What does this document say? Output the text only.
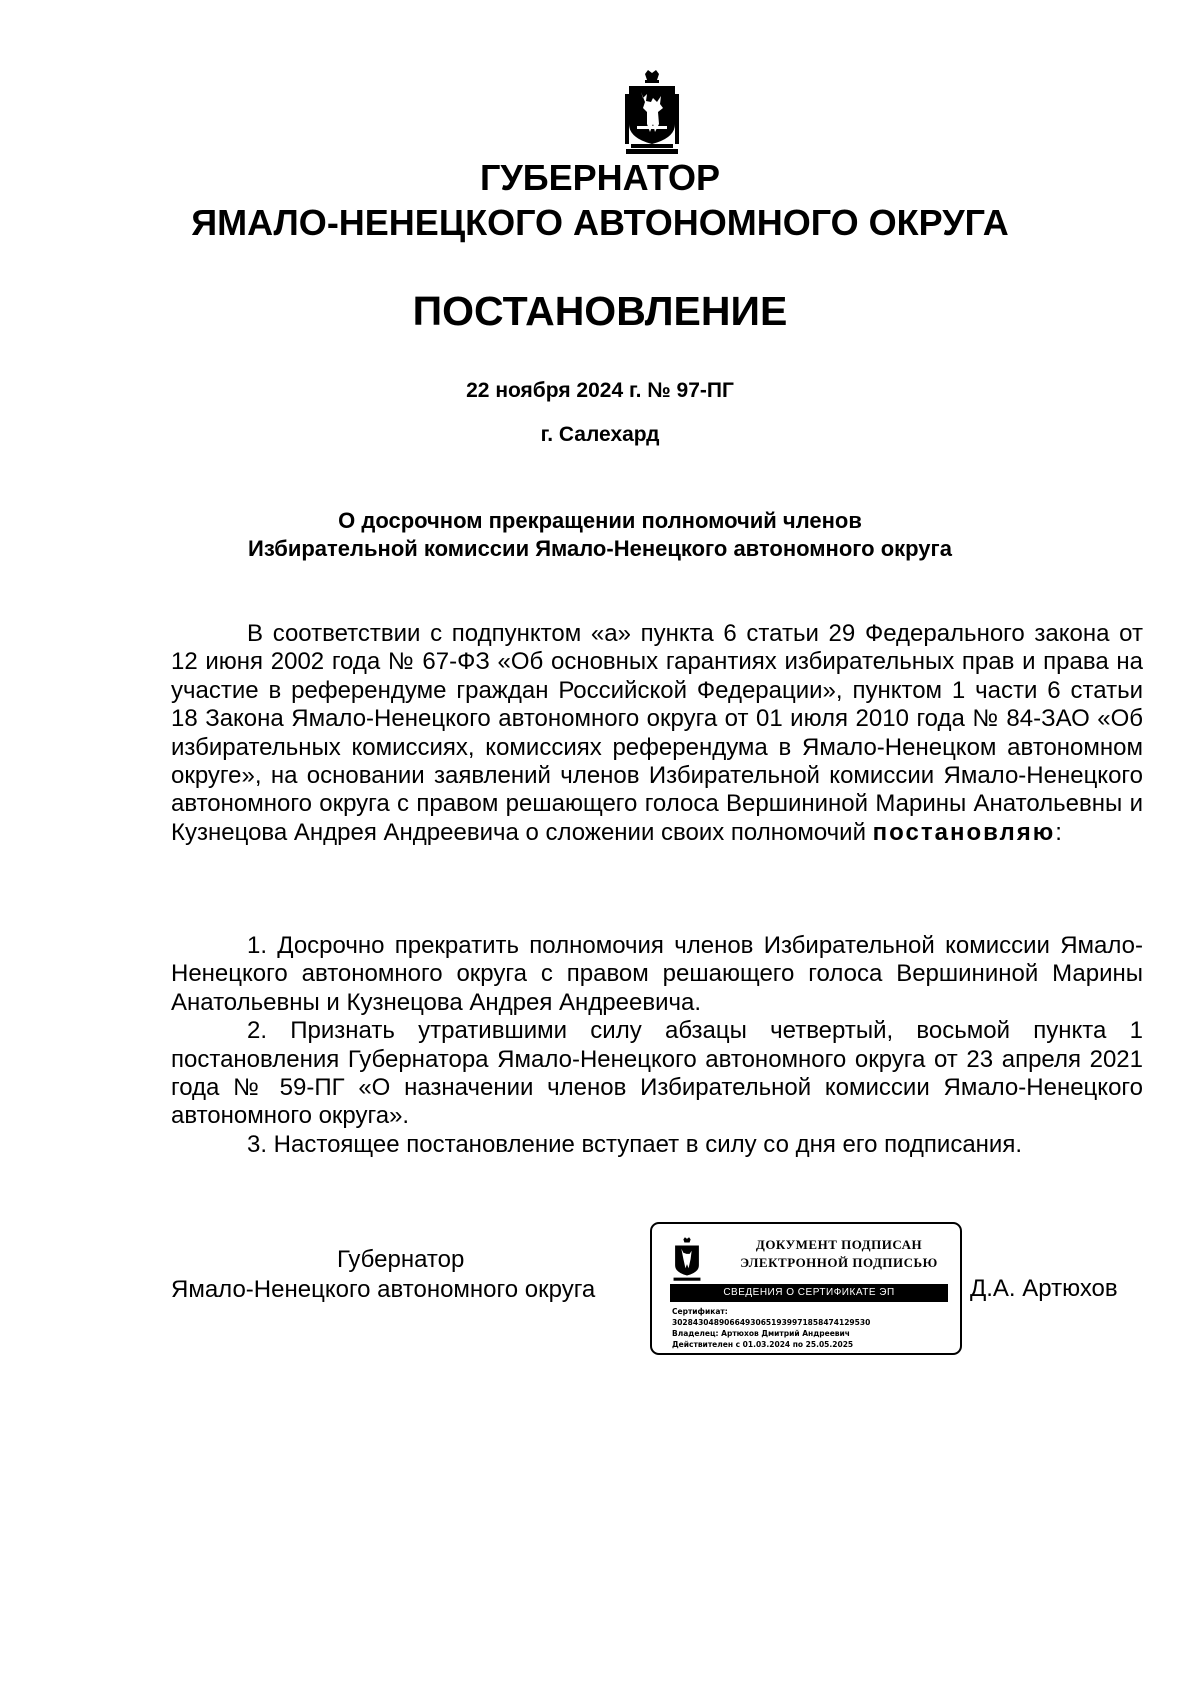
ГУБЕРНАТОР
ЯМАЛО-НЕНЕЦКОГО АВТОНОМНОГО ОКРУГА
ПОСТАНОВЛЕНИЕ
22 ноября 2024 г. № 97-ПГ
г. Салехард
О досрочном прекращении полномочий членов
Избирательной комиссии Ямало-Ненецкого автономного округа

В соответствии с подпунктом «а» пункта 6 статьи 29 Федерального закона от 12 июня 2002 года № 67-ФЗ «Об основных гарантиях избирательных прав и права на участие в референдуме граждан Российской Федерации», пунктом 1 части 6 статьи 18 Закона Ямало-Ненецкого автономного округа от 01 июля 2010 года № 84-ЗАО «Об избирательных комиссиях, комиссиях референдума в Ямало-Ненецком автономном округе», на основании заявлений членов Избирательной комиссии Ямало-Ненецкого автономного округа с правом решающего голоса Вершининой Марины Анатольевны и Кузнецова Андрея Андреевича о сложении своих полномочий постановляю:

1. Досрочно прекратить полномочия членов Избирательной комиссии Ямало-Ненецкого автономного округа с правом решающего голоса Вершининой Марины Анатольевны и Кузнецова Андрея Андреевича.

2. Признать утратившими силу абзацы четвертый, восьмой пункта 1 постановления Губернатора Ямало-Ненецкого автономного округа от 23 апреля 2021 года № 59-ПГ «О назначении членов Избирательной комиссии Ямало-Ненецкого автономного округа».

3. Настоящее постановление вступает в силу со дня его подписания.

Губернатор
Ямало-Ненецкого автономного округа
ДОКУМЕНТ ПОДПИСАН
ЭЛЕКТРОННОЙ ПОДПИСЬЮ
СВЕДЕНИЯ О СЕРТИФИКАТЕ ЭП
Сертификат:
30284304890664930651939971858474129530
Владелец: Артюхов Дмитрий Андреевич
Действителен с 01.03.2024 по 25.05.2025
Д.А. Артюхов
